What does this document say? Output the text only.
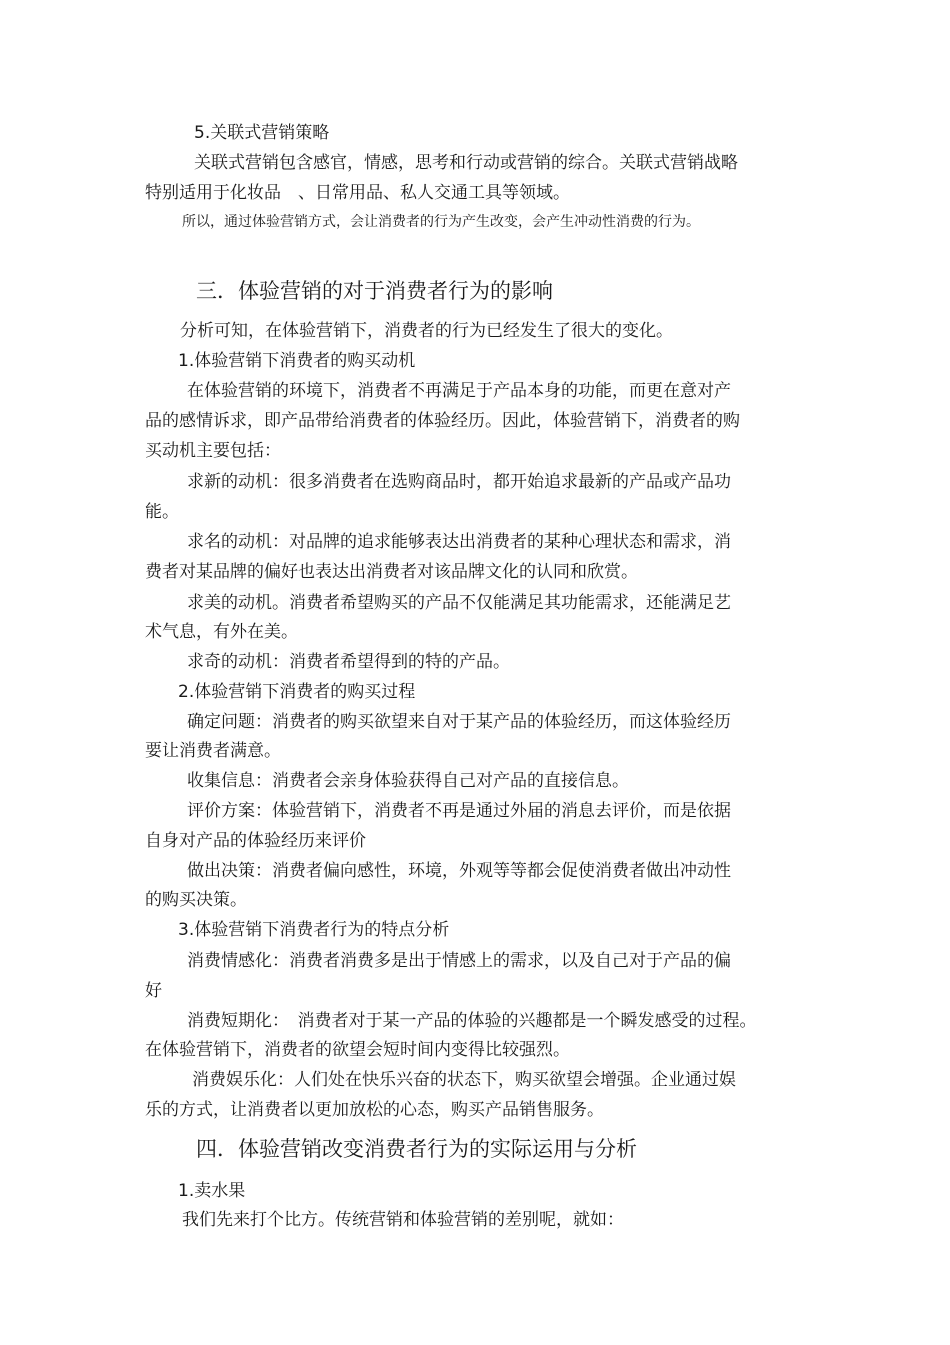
5.关联式营销策略
关联式营销包含感官，情感，思考和行动或营销的综合。关联式营销战略
特别适用于化妆品　、日常用品、私人交通工具等领域。
所以，通过体验营销方式，会让消费者的行为产生改变，会产生冲动性消费的行为。
三．体验营销的对于消费者行为的影响
分析可知，在体验营销下，消费者的行为已经发生了很大的变化。
1.体验营销下消费者的购买动机
在体验营销的环境下，消费者不再满足于产品本身的功能，而更在意对产
品的感情诉求，即产品带给消费者的体验经历。因此，体验营销下，消费者的购
买动机主要包括：
求新的动机：很多消费者在选购商品时，都开始追求最新的产品或产品功
能。
求名的动机：对品牌的追求能够表达出消费者的某种心理状态和需求，消
费者对某品牌的偏好也表达出消费者对该品牌文化的认同和欣赏。
求美的动机。消费者希望购买的产品不仅能满足其功能需求，还能满足艺
术气息，有外在美。
求奇的动机：消费者希望得到的特的产品。
2.体验营销下消费者的购买过程
确定问题：消费者的购买欲望来自对于某产品的体验经历，而这体验经历
要让消费者满意。
收集信息：消费者会亲身体验获得自己对产品的直接信息。
评价方案：体验营销下，消费者不再是通过外届的消息去评价，而是依据
自身对产品的体验经历来评价
做出决策：消费者偏向感性，环境，外观等等都会促使消费者做出冲动性
的购买决策。
3.体验营销下消费者行为的特点分析
消费情感化：消费者消费多是出于情感上的需求，以及自己对于产品的偏
好
消费短期化：　消费者对于某一产品的体验的兴趣都是一个瞬发感受的过程。
在体验营销下，消费者的欲望会短时间内变得比较强烈。
消费娱乐化：人们处在快乐兴奋的状态下，购买欲望会增强。企业通过娱
乐的方式，让消费者以更加放松的心态，购买产品销售服务。
四．体验营销改变消费者行为的实际运用与分析
1.卖水果
我们先来打个比方。传统营销和体验营销的差别呢，就如：
